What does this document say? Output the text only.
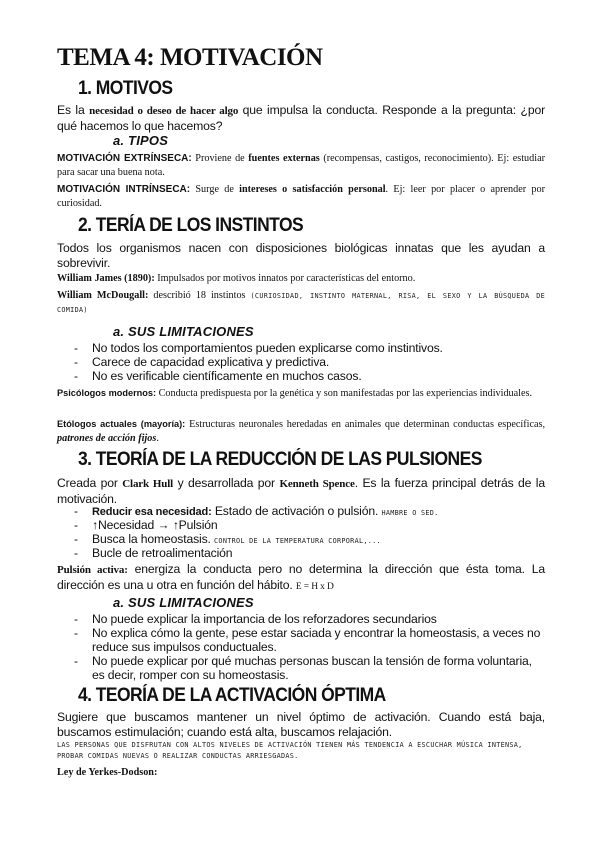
TEMA 4: MOTIVACIÓN
1. MOTIVOS

Es la necesidad o deseo de hacer algo que impulsa la conducta. Responde a la pregunta: ¿por qué hacemos lo que hacemos?

a. TIPOS

MOTIVACIÓN EXTRÍNSECA: Proviene de fuentes externas (recompensas, castigos, reconocimiento). Ej: estudiar para sacar una buena nota.

MOTIVACIÓN INTRÍNSECA: Surge de intereses o satisfacción personal. Ej: leer por placer o aprender por curiosidad.

2. TERÍA DE LOS INSTINTOS

Todos los organismos nacen con disposiciones biológicas innatas que les ayudan a sobrevivir.

William James (1890): Impulsados por motivos innatos por características del entorno.

William McDougall: describió 18 instintos (CURIOSIDAD, INSTINTO MATERNAL, RISA, EL SEXO Y LA BÚSQUEDA DE COMIDA)

a. SUS LIMITACIONES
- No todos los comportamientos pueden explicarse como instintivos.
- Carece de capacidad explicativa y predictiva.
- No es verificable científicamente en muchos casos.

Psicólogos modernos: Conducta predispuesta por la genética y son manifestadas por las experiencias individuales.

Etólogos actuales (mayoría): Estructuras neuronales heredadas en animales que determinan conductas específicas, patrones de acción fijos.

3. TEORÍA DE LA REDUCCIÓN DE LAS PULSIONES

Creada por Clark Hull y desarrollada por Kenneth Spence. Es la fuerza principal detrás de la motivación.

- Reducir esa necesidad: Estado de activación o pulsión. HAMBRE O SED.
- ↑Necesidad → ↑Pulsión
- Busca la homeostasis. CONTROL DE LA TEMPERATURA CORPORAL,...
- Bucle de retroalimentación

Pulsión activa: energiza la conducta pero no determina la dirección que ésta toma. La dirección es una u otra en función del hábito. E = H x D

a. SUS LIMITACIONES
- No puede explicar la importancia de los reforzadores secundarios
- No explica cómo la gente, pese estar saciada y encontrar la homeostasis, a veces no reduce sus impulsos conductuales.
- No puede explicar por qué muchas personas buscan la tensión de forma voluntaria, es decir, romper con su homeostasis.
4. TEORÍA DE LA ACTIVACIÓN ÓPTIMA

Sugiere que buscamos mantener un nivel óptimo de activación. Cuando está baja, buscamos estimulación; cuando está alta, buscamos relajación.

LAS PERSONAS QUE DISFRUTAN CON ALTOS NIVELES DE ACTIVACIÓN TIENEN MÁS TENDENCIA A ESCUCHAR MÚSICA INTENSA, PROBAR COMIDAS NUEVAS O REALIZAR CONDUCTAS ARRIESGADAS.

Ley de Yerkes-Dodson:
